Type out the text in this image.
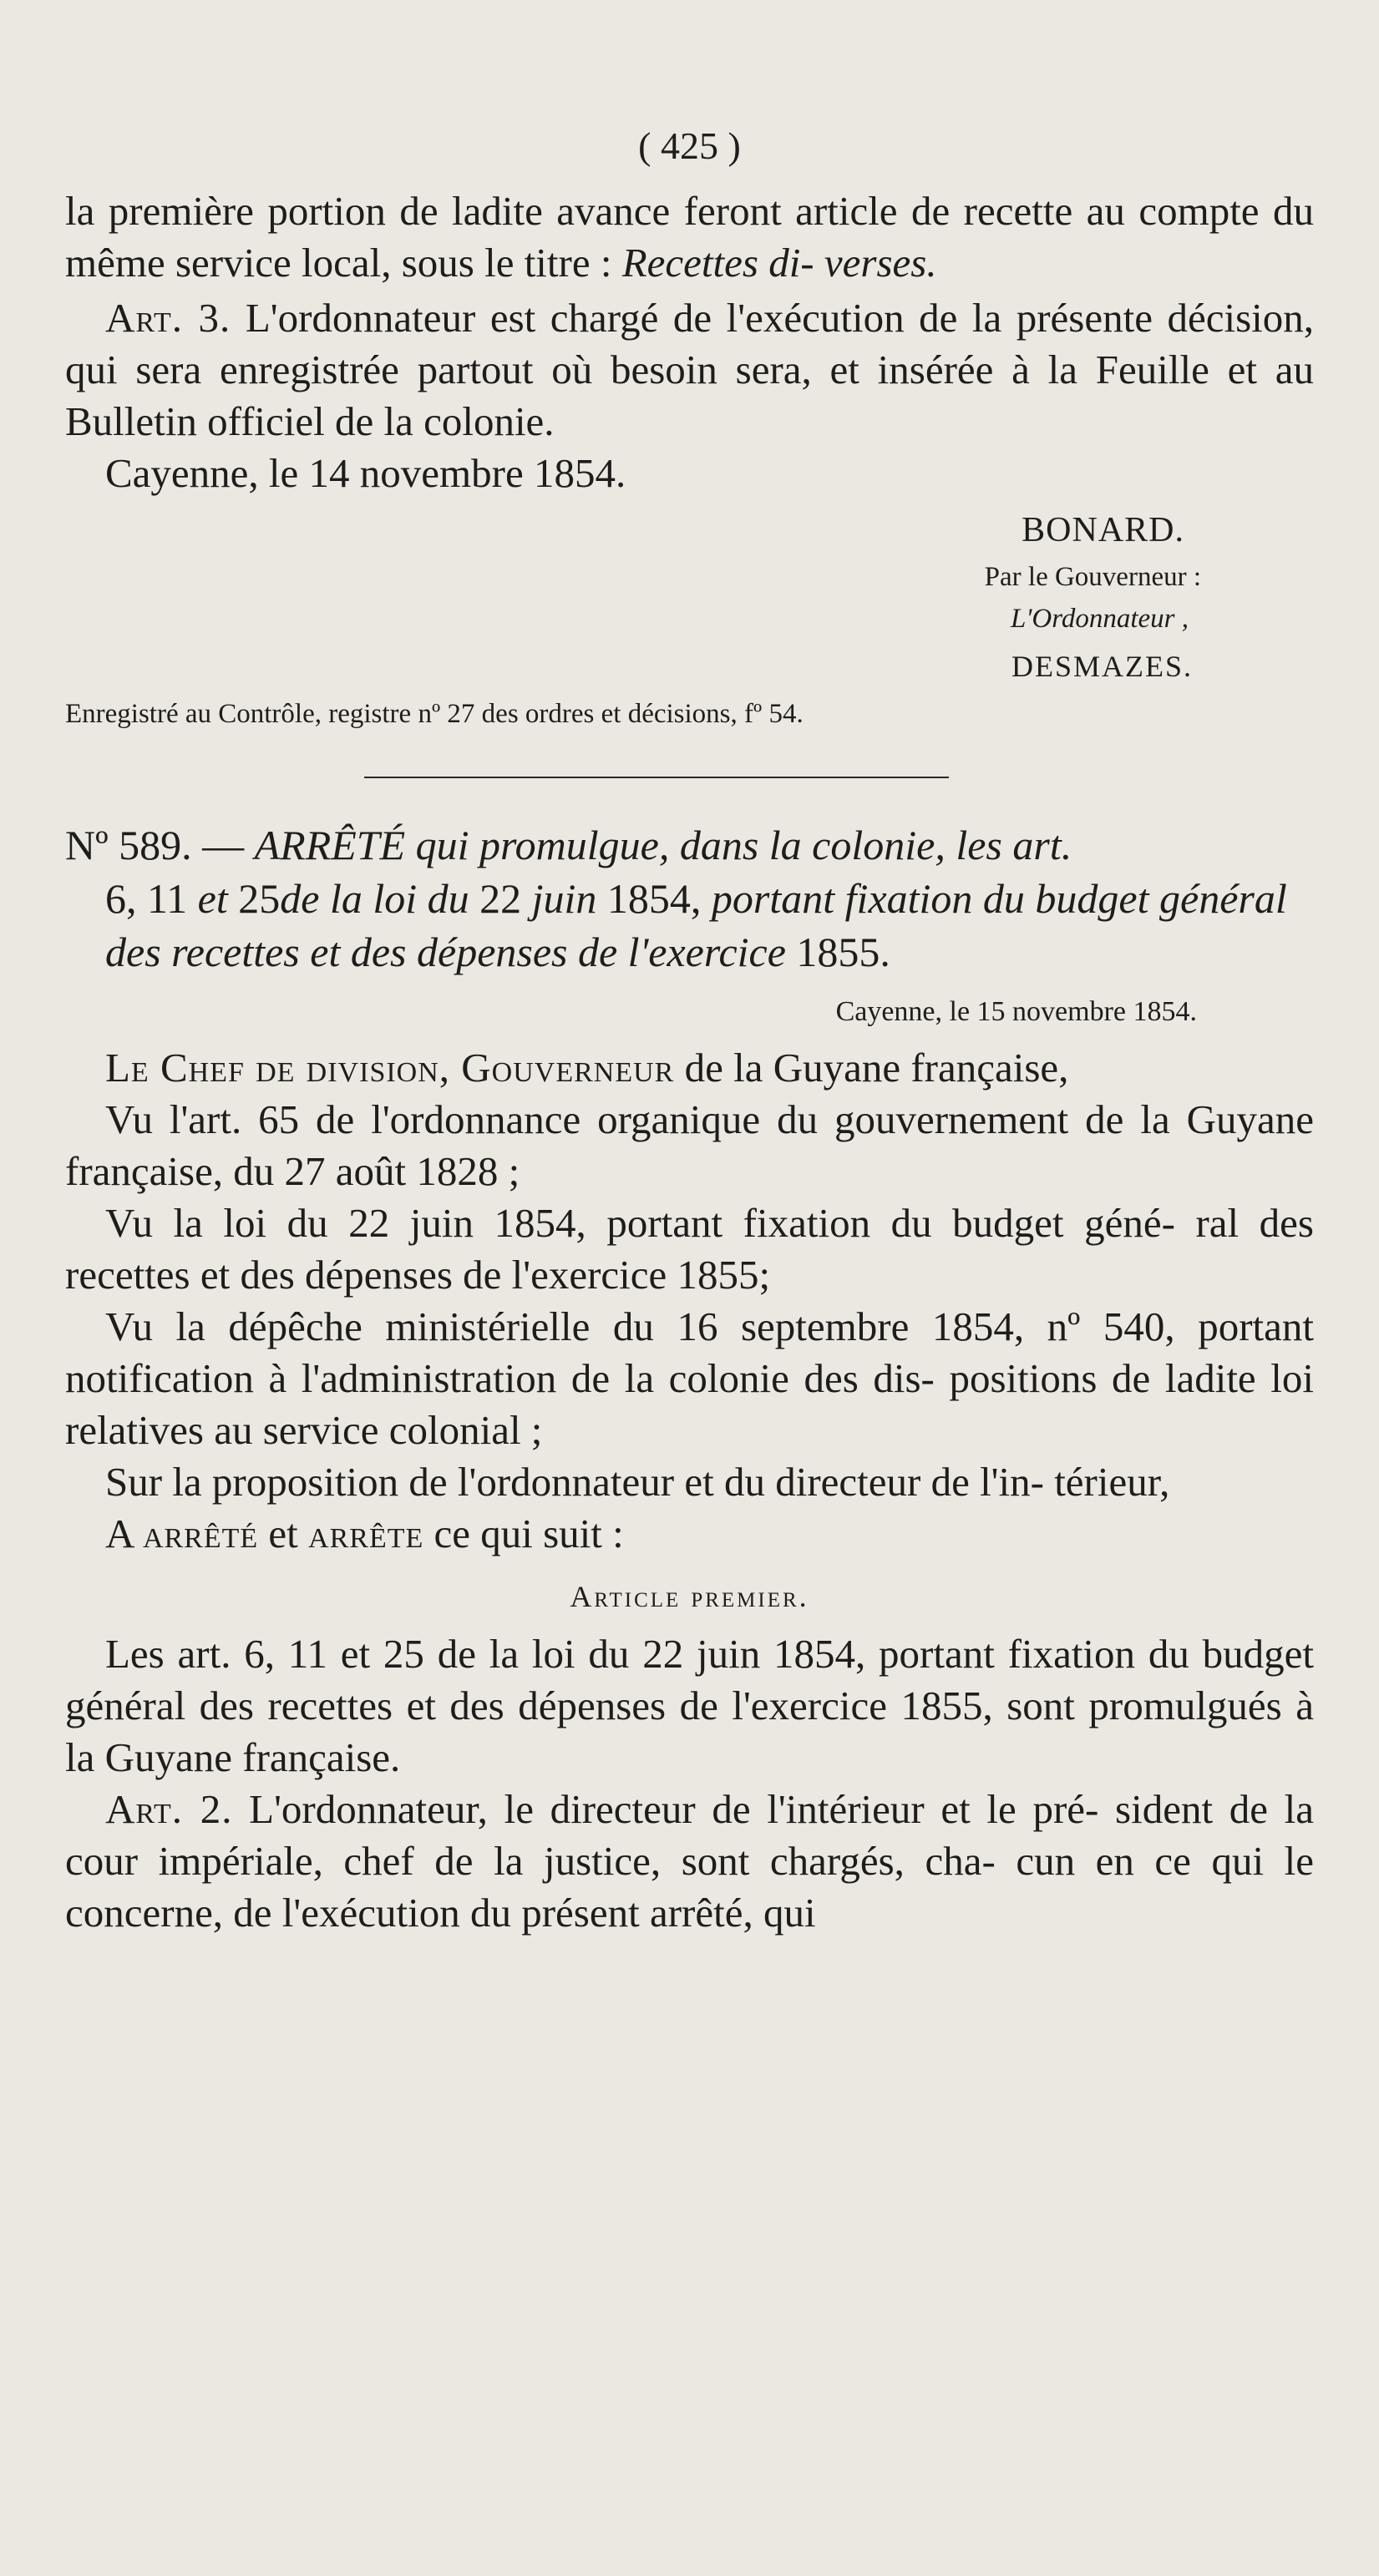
( 425 )

la première portion de ladite avance feront article de recette au compte du même service local, sous le titre : Recettes di- verses.

Art. 3. L'ordonnateur est chargé de l'exécution de la présente décision, qui sera enregistrée partout où besoin sera, et insérée à la Feuille et au Bulletin officiel de la colonie.

Cayenne, le 14 novembre 1854.

BONARD.

Par le Gouverneur :

L'Ordonnateur ,

DESMAZES.

Enregistré au Contrôle, registre nº 27 des ordres et décisions, fº 54.

Nº 589. — ARRÊTÉ qui promulgue, dans la colonie, les art.
6, 11 et 25de la loi du 22 juin 1854, portant fixation du budget général des recettes et des dépenses de l'exercice 1855.

Cayenne, le 15 novembre 1854.

Le Chef de division, Gouverneur de la Guyane française,

Vu l'art. 65 de l'ordonnance organique du gouvernement de la Guyane française, du 27 août 1828 ;

Vu la loi du 22 juin 1854, portant fixation du budget géné- ral des recettes et des dépenses de l'exercice 1855;

Vu la dépêche ministérielle du 16 septembre 1854, nº 540, portant notification à l'administration de la colonie des dis- positions de ladite loi relatives au service colonial ;

Sur la proposition de l'ordonnateur et du directeur de l'in- térieur,

A arrêté et arrête ce qui suit :

Article premier.

Les art. 6, 11 et 25 de la loi du 22 juin 1854, portant fixation du budget général des recettes et des dépenses de l'exercice 1855, sont promulgués à la Guyane française.

Art. 2. L'ordonnateur, le directeur de l'intérieur et le pré- sident de la cour impériale, chef de la justice, sont chargés, cha- cun en ce qui le concerne, de l'exécution du présent arrêté, qui
